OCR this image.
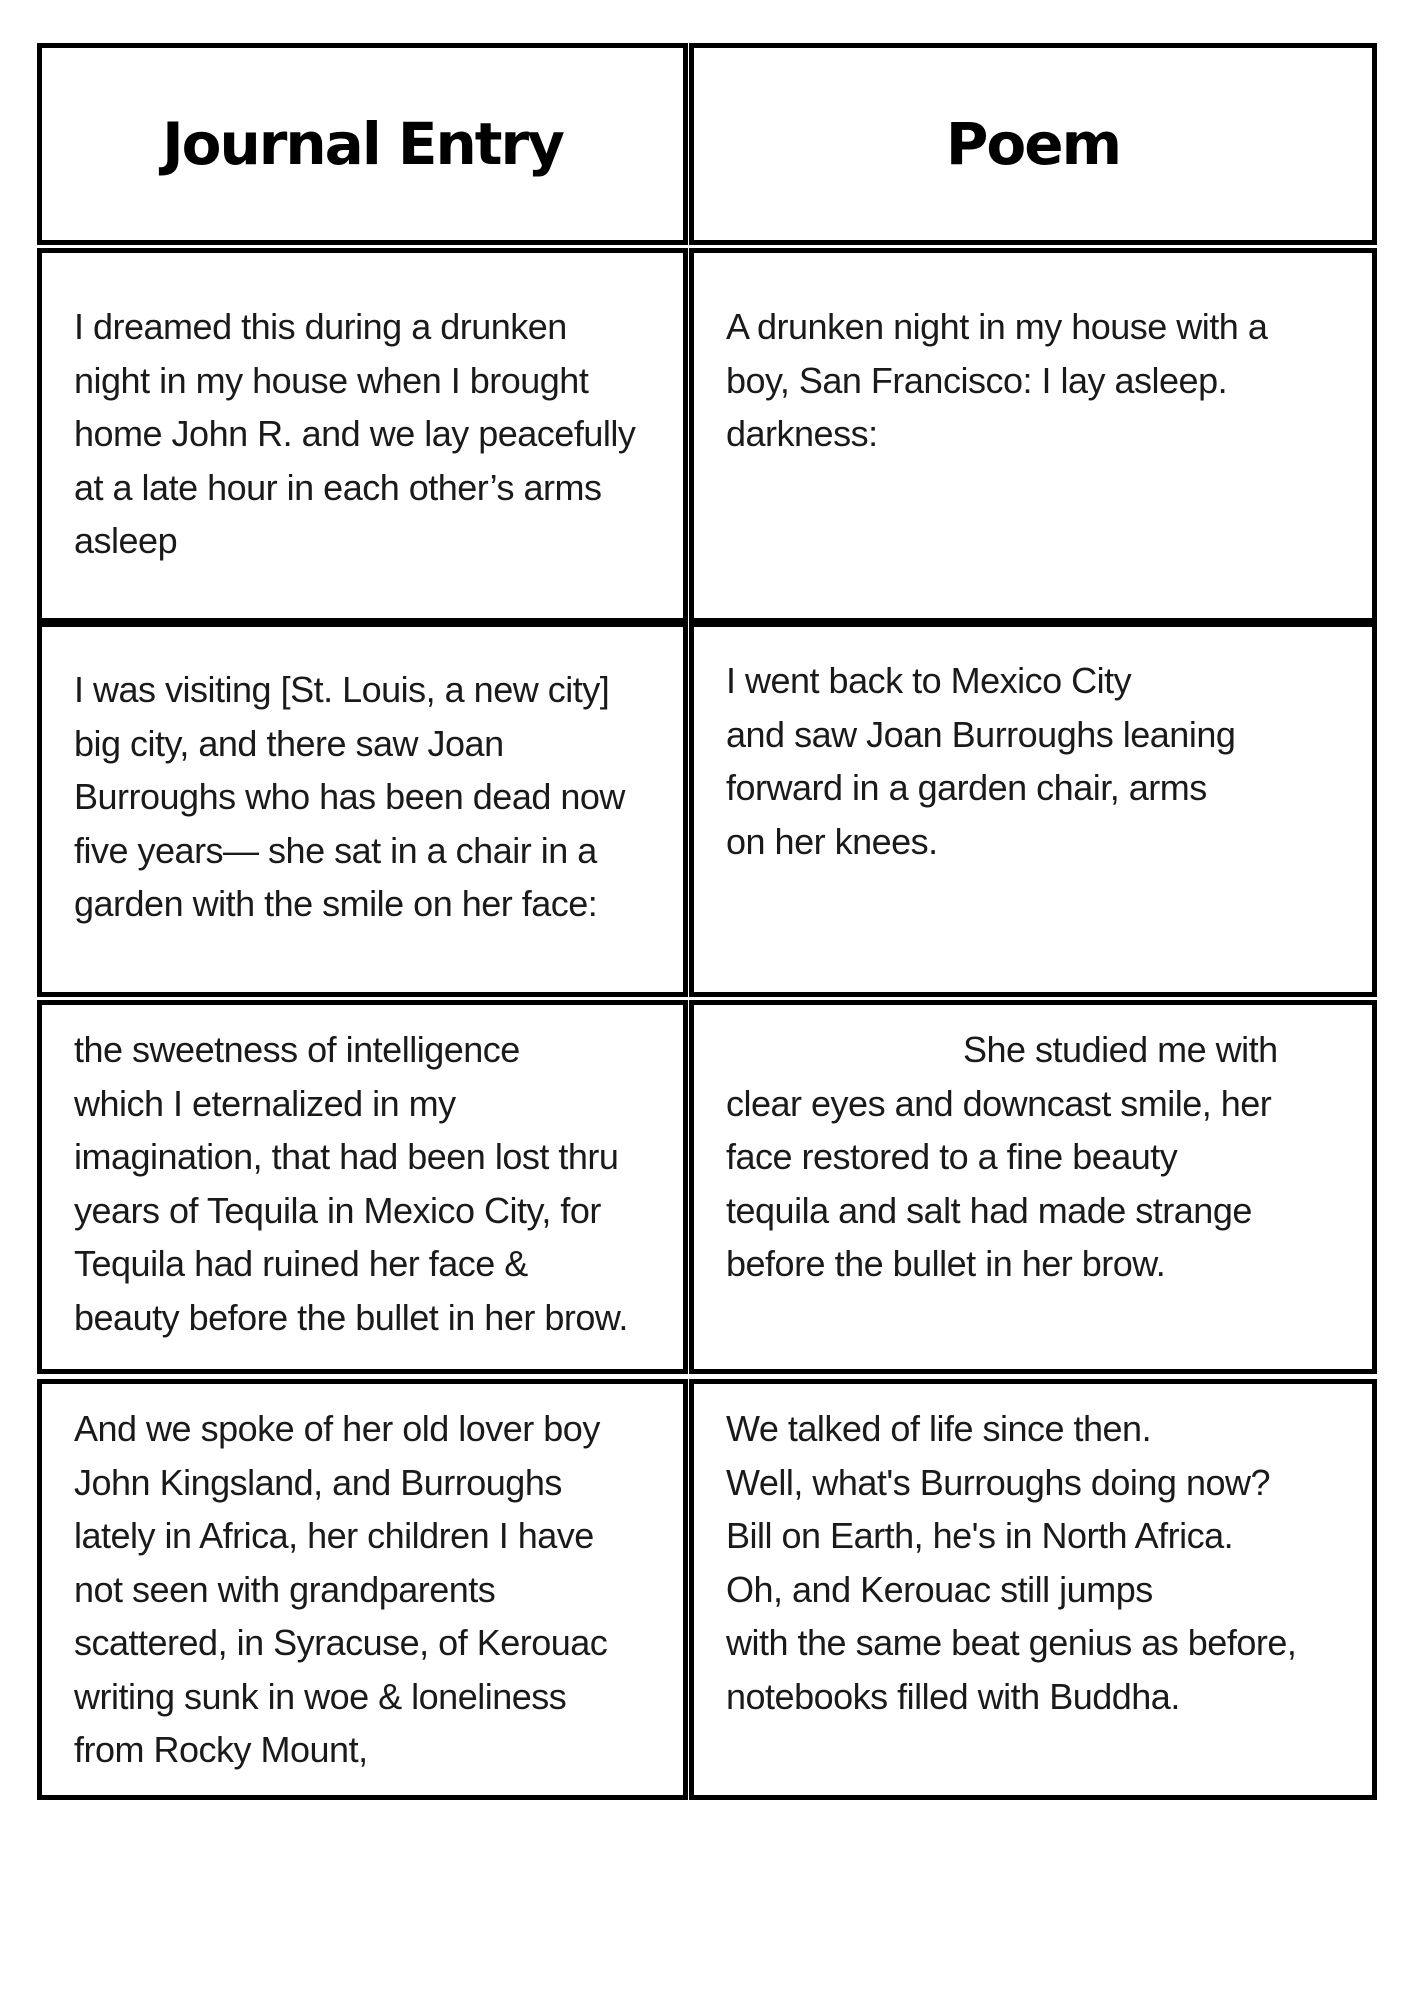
Journal Entry	Poem
I dreamed this during a drunken
night in my house when I brought
home John R. and we lay peacefully
at a late hour in each other’s arms
asleep
A drunken night in my house with a
boy, San Francisco: I lay asleep.
darkness:
I was visiting [St. Louis, a new city]
big city, and there saw Joan
Burroughs who has been dead now
five years— she sat in a chair in a
garden with the smile on her face:
I went back to Mexico City
and saw Joan Burroughs leaning
forward in a garden chair, arms
on her knees.
the sweetness of intelligence
which I eternalized in my
imagination, that had been lost thru
years of Tequila in Mexico City, for
Tequila had ruined her face &
beauty before the bullet in her brow.
She studied me with
clear eyes and downcast smile, her
face restored to a fine beauty
tequila and salt had made strange
before the bullet in her brow.
And we spoke of her old lover boy
John Kingsland, and Burroughs
lately in Africa, her children I have
not seen with grandparents
scattered, in Syracuse, of Kerouac
writing sunk in woe & loneliness
from Rocky Mount,
We talked of life since then.
Well, what's Burroughs doing now?
Bill on Earth, he's in North Africa.
Oh, and Kerouac still jumps
with the same beat genius as before,
notebooks filled with Buddha.
